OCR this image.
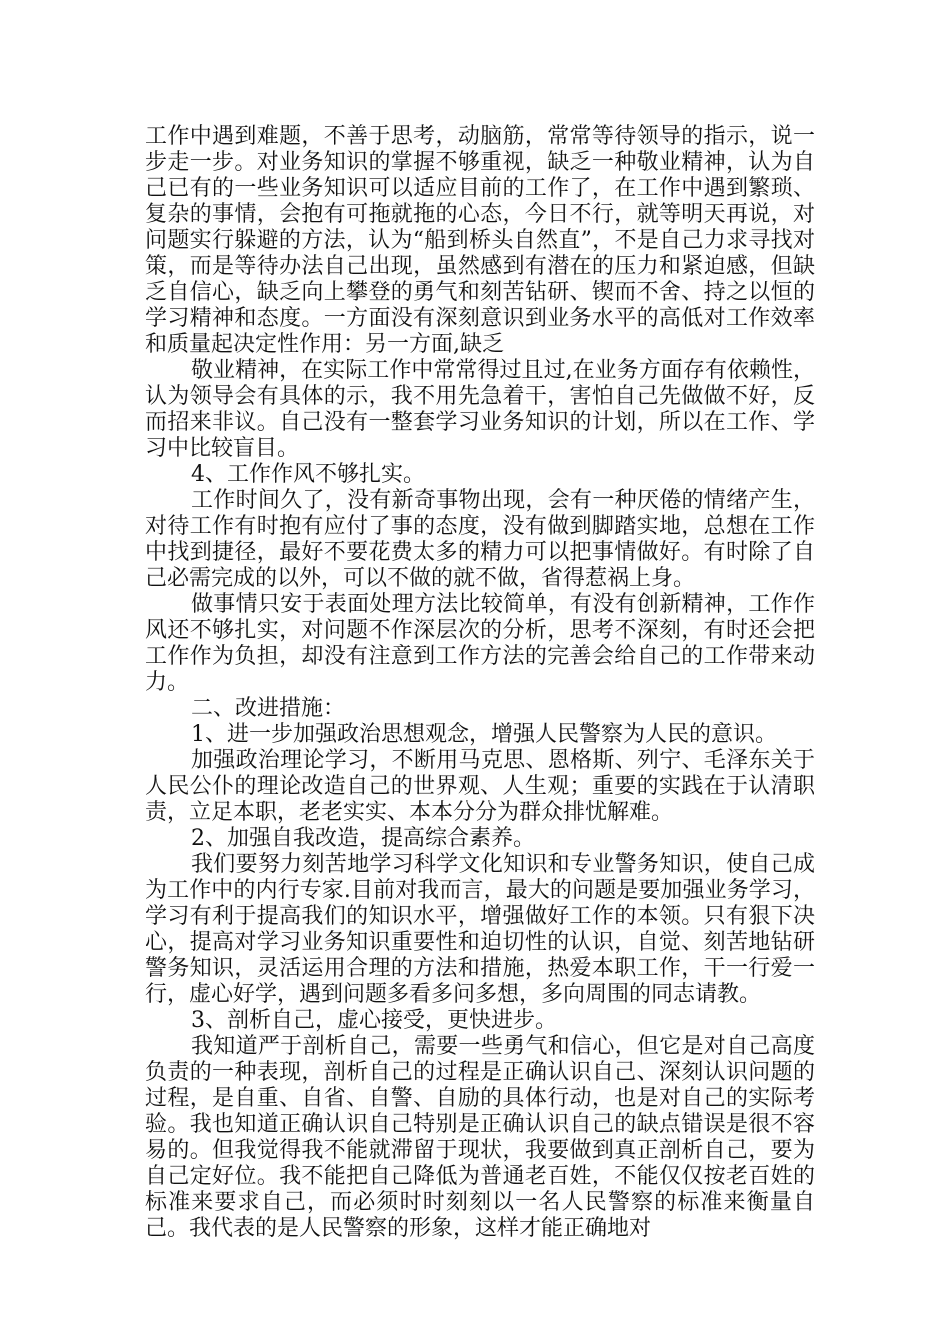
工作中遇到难题，不善于思考，动脑筋，常常等待领导的指示，说一步走一步。对业务知识的掌握不够重视，缺乏一种敬业精神，认为自己已有的一些业务知识可以适应目前的工作了，在工作中遇到繁琐、复杂的事情，会抱有可拖就拖的心态，今日不行，就等明天再说，对问题实行躲避的方法，认为“船到桥头自然直”，不是自己力求寻找对策，而是等待办法自己出现，虽然感到有潜在的压力和紧迫感，但缺乏自信心，缺乏向上攀登的勇气和刻苦钻研、锲而不舍、持之以恒的学习精神和态度。一方面没有深刻意识到业务水平的高低对工作效率和质量起决定性作用：另一方面,缺乏

敬业精神，在实际工作中常常得过且过,在业务方面存有依赖性，认为领导会有具体的示，我不用先急着干，害怕自己先做做不好，反而招来非议。自己没有一整套学习业务知识的计划，所以在工作、学习中比较盲目。

4、工作作风不够扎实。

工作时间久了，没有新奇事物出现，会有一种厌倦的情绪产生，对待工作有时抱有应付了事的态度，没有做到脚踏实地，总想在工作中找到捷径，最好不要花费太多的精力可以把事情做好。有时除了自己必需完成的以外，可以不做的就不做，省得惹祸上身。

做事情只安于表面处理方法比较简单，有没有创新精神，工作作风还不够扎实，对问题不作深层次的分析，思考不深刻，有时还会把工作作为负担，却没有注意到工作方法的完善会给自己的工作带来动力。

二、改进措施：

1、进一步加强政治思想观念，增强人民警察为人民的意识。

加强政治理论学习，不断用马克思、恩格斯、列宁、毛泽东关于人民公仆的理论改造自己的世界观、人生观；重要的实践在于认清职责，立足本职，老老实实、本本分分为群众排忧解难。

2、加强自我改造，提高综合素养。

我们要努力刻苦地学习科学文化知识和专业警务知识，使自己成为工作中的内行专家.目前对我而言，最大的问题是要加强业务学习，学习有利于提高我们的知识水平，增强做好工作的本领。只有狠下决心，提高对学习业务知识重要性和迫切性的认识，自觉、刻苦地钻研警务知识，灵活运用合理的方法和措施，热爱本职工作，干一行爱一行，虚心好学，遇到问题多看多问多想，多向周围的同志请教。

3、剖析自己，虚心接受，更快进步。

我知道严于剖析自己，需要一些勇气和信心，但它是对自己高度负责的一种表现，剖析自己的过程是正确认识自己、深刻认识问题的过程，是自重、自省、自警、自励的具体行动，也是对自己的实际考验。我也知道正确认识自己特别是正确认识自己的缺点错误是很不容易的。但我觉得我不能就滞留于现状，我要做到真正剖析自己，要为自己定好位。我不能把自己降低为普通老百姓，不能仅仅按老百姓的标准来要求自己，而必须时时刻刻以一名人民警察的标准来衡量自己。我代表的是人民警察的形象，这样才能正确地对
